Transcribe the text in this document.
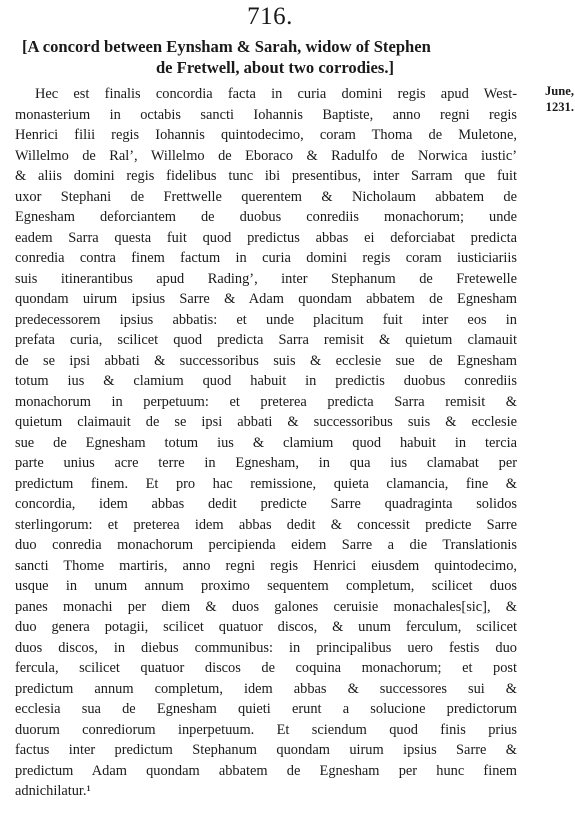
716.
[A concord between Eynsham & Sarah, widow of Stephen
de Fretwell, about two corrodies.]
June,
1231.
Hec est finalis concordia facta in curia domini regis apud West-
monasterium in octabis sancti Iohannis Baptiste, anno regni regis
Henrici filii regis Iohannis quintodecimo, coram Thoma de Muletone,
Willelmo de Ral’, Willelmo de Eboraco & Radulfo de Norwica iustic’
& aliis domini regis fidelibus tunc ibi presentibus, inter Sarram que fuit
uxor Stephani de Frettwelle querentem & Nicholaum abbatem de
Egnesham deforciantem de duobus conrediis monachorum; unde
eadem Sarra questa fuit quod predictus abbas ei deforciabat predicta
conredia contra finem factum in curia domini regis coram iusticiariis
suis itinerantibus apud Rading’, inter Stephanum de Fretewelle
quondam uirum ipsius Sarre & Adam quondam abbatem de Egnesham
predecessorem ipsius abbatis: et unde placitum fuit inter eos in
prefata curia, scilicet quod predicta Sarra remisit & quietum clamauit
de se ipsi abbati & successoribus suis & ecclesie sue de Egnesham
totum ius & clamium quod habuit in predictis duobus conrediis
monachorum in perpetuum: et preterea predicta Sarra remisit &
quietum claimauit de se ipsi abbati & successoribus suis & ecclesie
sue de Egnesham totum ius & clamium quod habuit in tercia
parte unius acre terre in Egnesham, in qua ius clamabat per
predictum finem. Et pro hac remissione, quieta clamancia, fine &
concordia, idem abbas dedit predicte Sarre quadraginta solidos
sterlingorum: et preterea idem abbas dedit & concessit predicte Sarre
duo conredia monachorum percipienda eidem Sarre a die Translationis
sancti Thome martiris, anno regni regis Henrici eiusdem quintodecimo,
usque in unum annum proximo sequentem completum, scilicet duos
panes monachi per diem & duos galones ceruisie monachales[sic], &
duo genera potagii, scilicet quatuor discos, & unum ferculum, scilicet
duos discos, in diebus communibus: in principalibus uero festis duo
fercula, scilicet quatuor discos de coquina monachorum; et post
predictum annum completum, idem abbas & successores sui &
ecclesia sua de Egnesham quieti erunt a solucione predictorum
duorum conrediorum inperpetuum. Et sciendum quod finis prius
factus inter predictum Stephanum quondam uirum ipsius Sarre &
predictum Adam quondam abbatem de Egnesham per hunc finem
adnichilatur.¹
